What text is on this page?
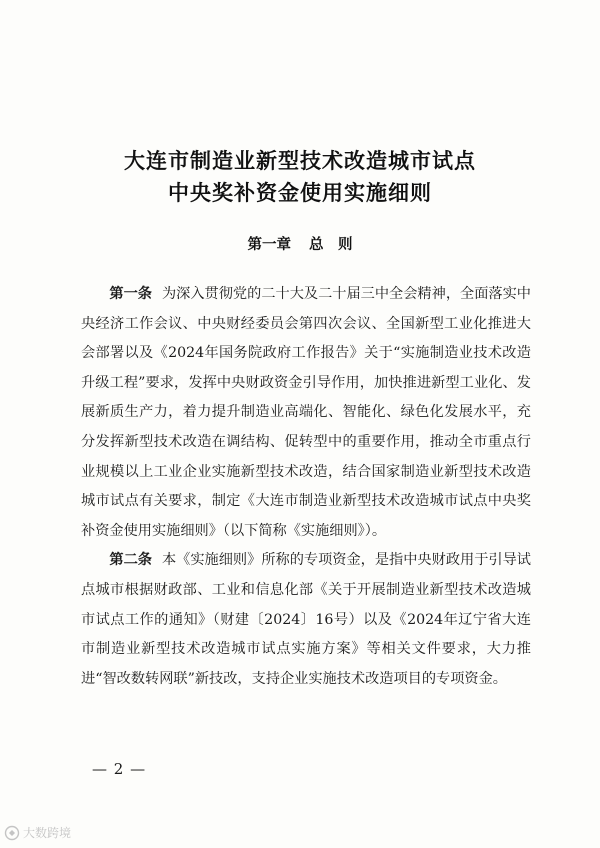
大连市制造业新型技术改造城市试点
中央奖补资金使用实施细则
第一章 总　则

第一条 为深入贯彻党的二十大及二十届三中全会精神，全面落实中央经济工作会议、中央财经委员会第四次会议、全国新型工业化推进大会部署以及《2024年国务院政府工作报告》关于“实施制造业技术改造升级工程”要求，发挥中央财政资金引导作用，加快推进新型工业化、发展新质生产力，着力提升制造业高端化、智能化、绿色化发展水平，充分发挥新型技术改造在调结构、促转型中的重要作用，推动全市重点行业规模以上工业企业实施新型技术改造，结合国家制造业新型技术改造城市试点有关要求，制定《大连市制造业新型技术改造城市试点中央奖补资金使用实施细则》（以下简称《实施细则》）。

第二条 本《实施细则》所称的专项资金，是指中央财政用于引导试点城市根据财政部、工业和信息化部《关于开展制造业新型技术改造城市试点工作的通知》（财建〔2024〕16号）以及《2024年辽宁省大连市制造业新型技术改造城市试点实施方案》等相关文件要求，大力推进“智改数转网联”新技改，支持企业实施技术改造项目的专项资金。

— 2 —
大数跨境
